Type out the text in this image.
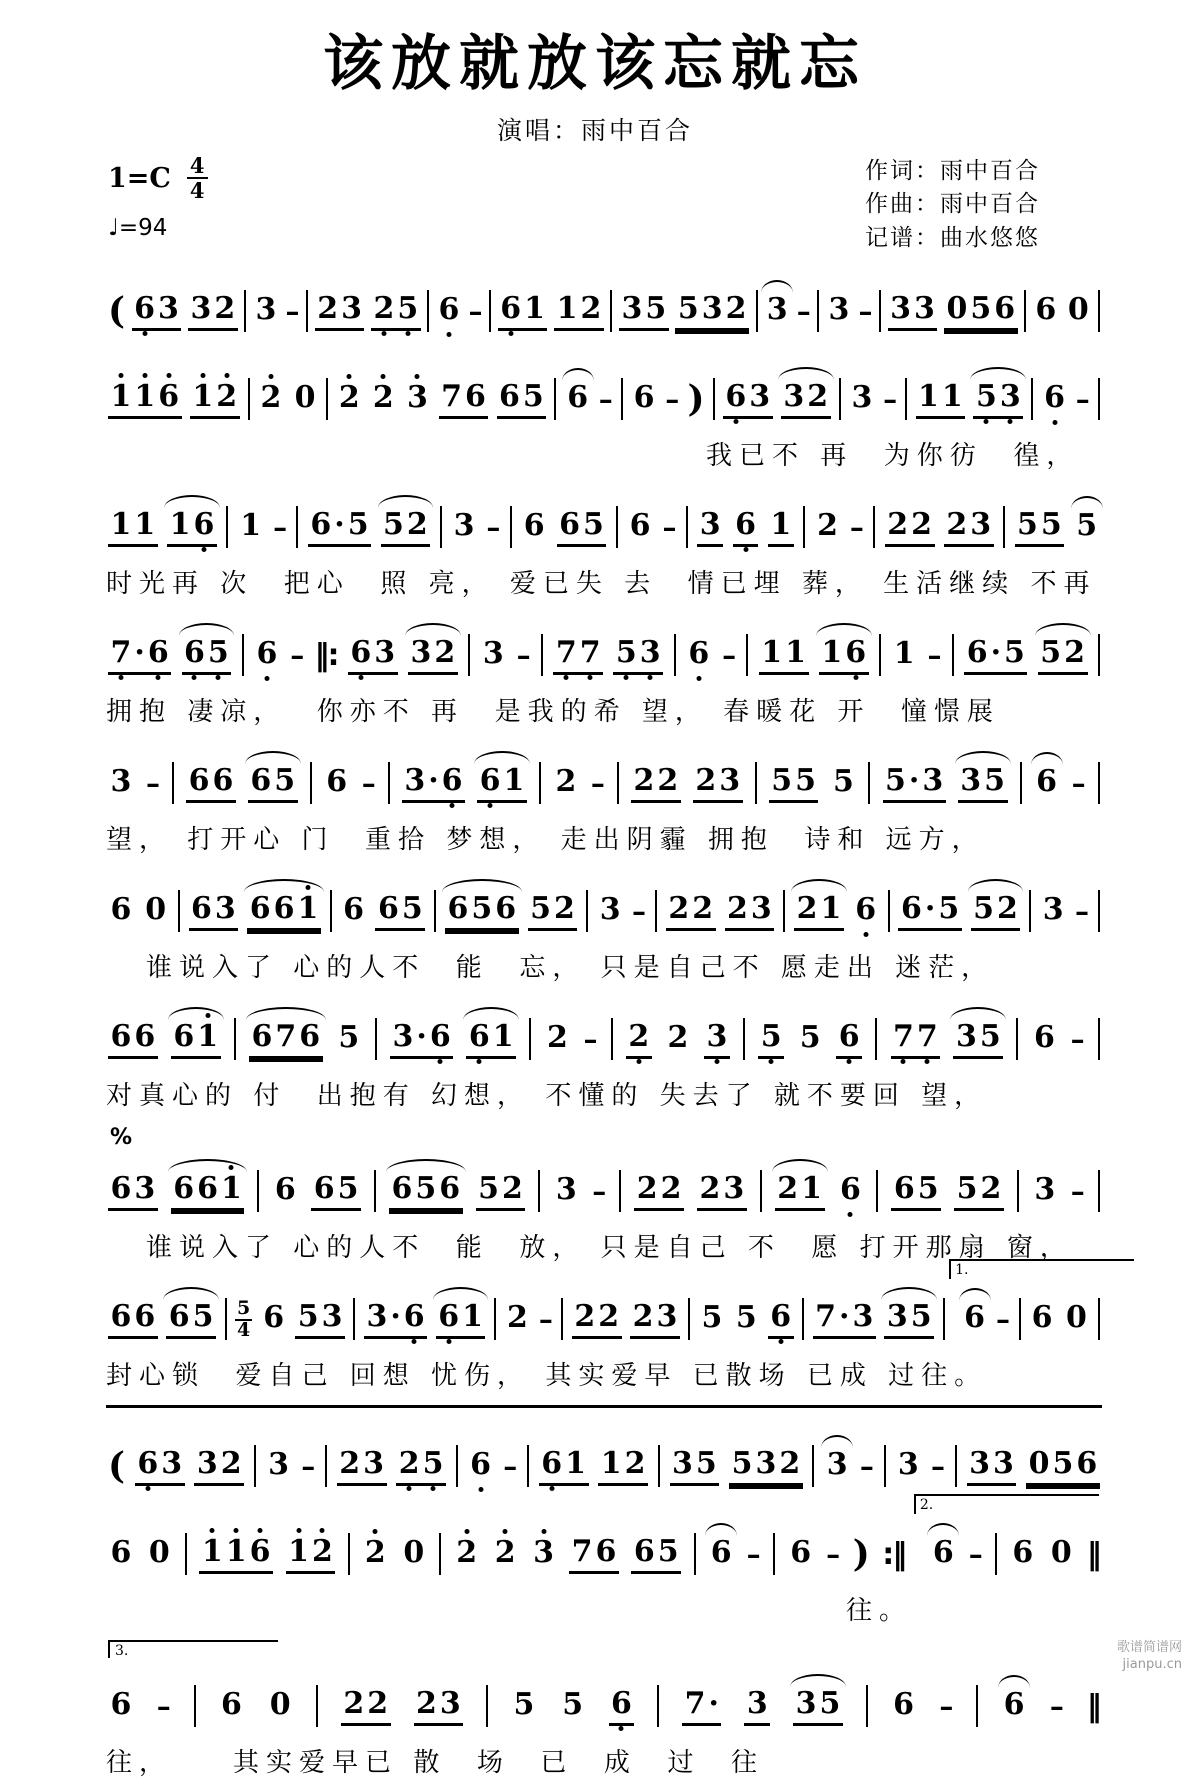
该放就放该忘就忘
演唱：雨中百合
$1=C \frac{4}{4}$
♩=94
作词：雨中百合
作曲：雨中百合
记谱：曲水悠悠
( 6 3 3 2 3 – 2 3 2 5 6 – 6 1 1 2 3 5 5 3 2 3 – 3 – 3 3 0 5 6 6 0
1 1 6 1 2 2 0 2 2 3 7 6 6 5 6 – 6 – ) 6 3 3 2 3 – 1 1 5 3 6 –
我已不 再  为你彷  徨，
1 1 1 6 1 – 6 · 5 5 2 3 – 6 6 5 6 – 3 6 1 2 – 2 2 2 3 5 5 5
时光再 次  把心  照 亮， 爱已失 去  情已埋 葬， 生活继续 不再
7 · 6 6 5 6 – ‖: 6 3 3 2 3 – 7 7 5 3 6 – 1 1 1 6 1 – 6 · 5 5 2
拥抱 凄凉，  你亦不 再  是我的希 望， 春暖花 开  憧憬展
3 – 6 6 6 5 6 – 3 · 6 6 1 2 – 2 2 2 3 5 5 5 5 · 3 3 5 6 –
望， 打开心 门  重拾 梦想， 走出阴霾 拥抱  诗和 远方，
6 0 6 3 6 6 1 6 6 5 6 5 6 5 2 3 – 2 2 2 3 2 1 6 6 · 5 5 2 3 –
谁说入了 心的人不  能  忘， 只是自己不 愿走出 迷茫，
6 6 6 1 6 7 6 5 3 · 6 6 1 2 – 2 2 3 5 5 6 7 7 3 5 6 –
对真心的 付  出抱有 幻想， 不懂的 失去了 就不要回 望，
%
6 3 6 6 1 6 6 5 6 5 6 5 2 3 – 2 2 2 3 2 1 6 6 5 5 2 3 –
谁说入了 心的人不  能  放， 只是自己 不  愿 打开那扇 窗，
6 6 6 $5 \frac{5}{4} 6$ 5 3 3 · 6 6 1 2 – 2 2 2 3 5 5 6 7 · 3 3 5
1.
6 – 6 0
封心锁  爱自己 回想 忧伤， 其实爱早 已散场 已成 过往。
( 6 3 3 2 3 – 2 3 2 5 6 – 6 1 1 2 3 5 5 3 2 3 – 3 – 3 3 0 5 6
6 0 1 1 6 1 2 2 0 2 2 3 7 6 6 5 6 – 6 – ) :‖
2.
6 – 6 0 ‖
往。
3.
6 – 6 0 2 2 2 3 5 5 6 7 · 3 3 5 6 – 6 – ‖
往，    其实爱早已 散  场  已  成  过  往
歌谱简谱网
jianpu.cn
